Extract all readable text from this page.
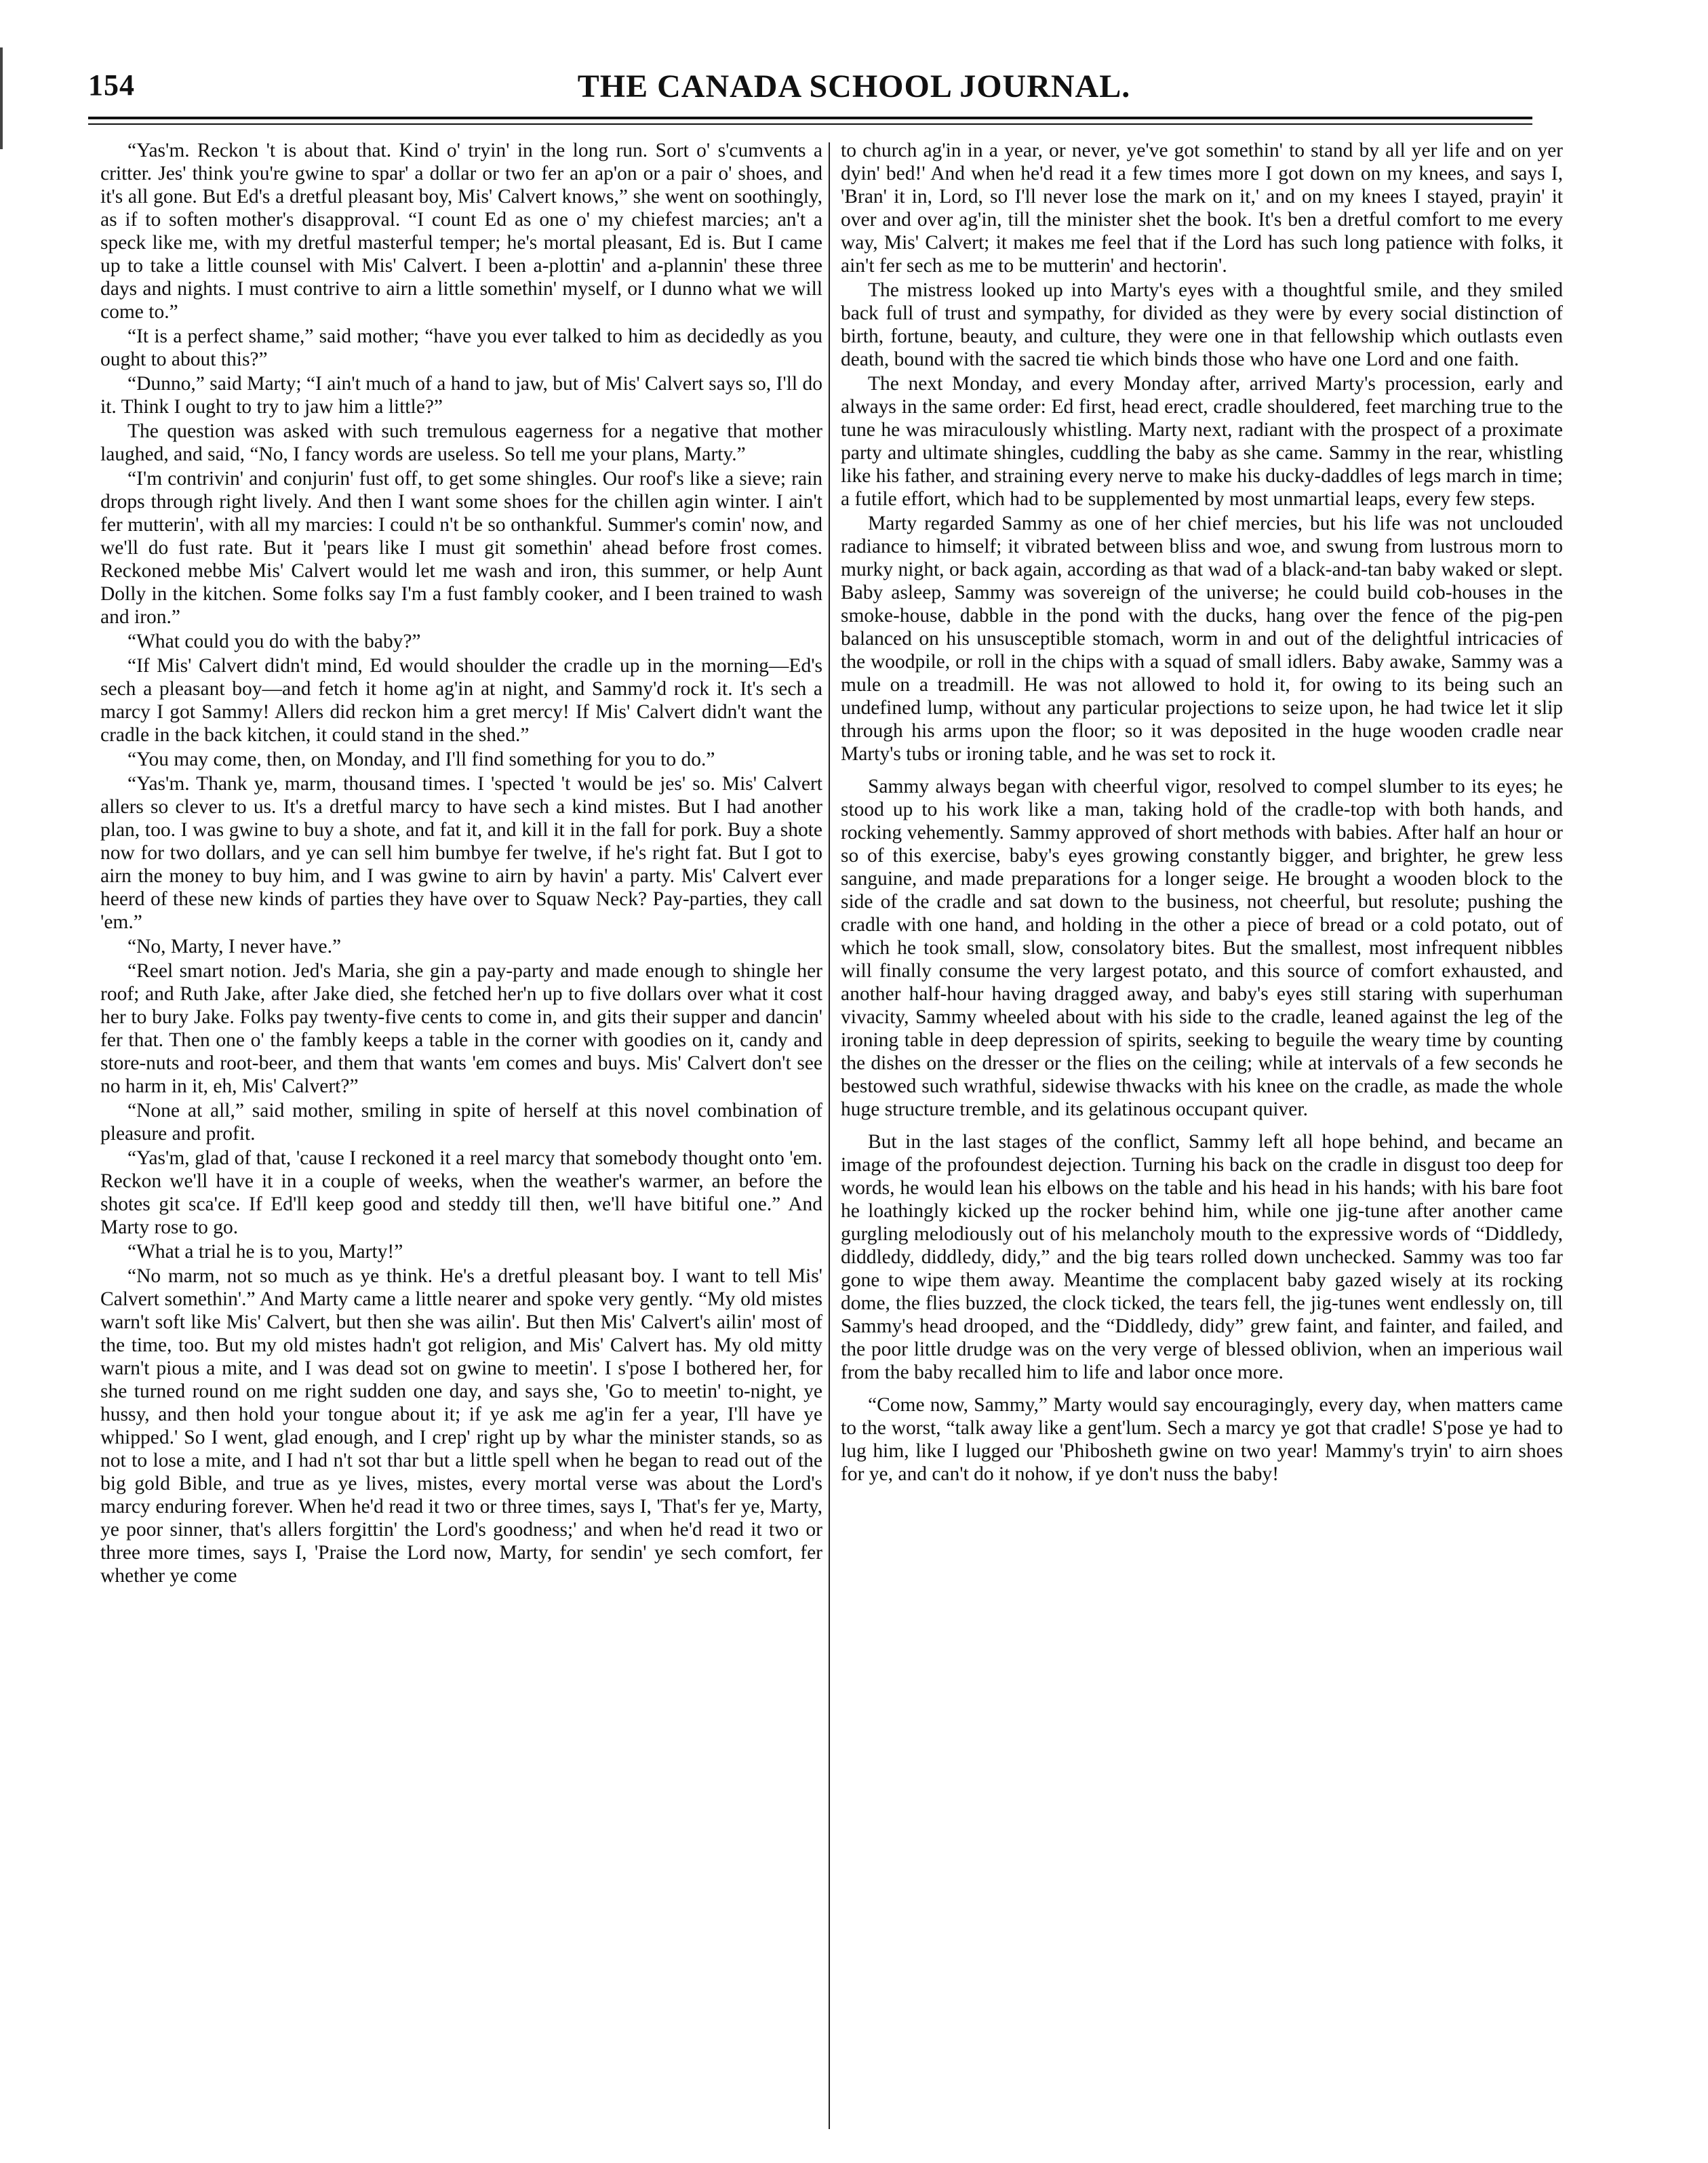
154	THE CANADA SCHOOL JOURNAL.

“Yas'm. Reckon 't is about that. Kind o' tryin' in the long run. Sort o' s'cumvents a critter. Jes' think you're gwine to spar' a dollar or two fer an ap'on or a pair o' shoes, and it's all gone. But Ed's a dretful pleasant boy, Mis' Calvert knows,” she went on soothingly, as if to soften mother's disapproval. “I count Ed as one o' my chiefest marcies; an't a speck like me, with my dretful masterful temper; he's mortal pleasant, Ed is. But I came up to take a little counsel with Mis' Calvert. I been a-plottin' and a-plannin' these three days and nights. I must contrive to airn a little somethin' myself, or I dunno what we will come to.”

“It is a perfect shame,” said mother; “have you ever talked to him as decidedly as you ought to about this?”

“Dunno,” said Marty; “I ain't much of a hand to jaw, but of Mis' Calvert says so, I'll do it. Think I ought to try to jaw him a little?”

The question was asked with such tremulous eagerness for a negative that mother laughed, and said, “No, I fancy words are useless. So tell me your plans, Marty.”

“I'm contrivin' and conjurin' fust off, to get some shingles. Our roof's like a sieve; rain drops through right lively. And then I want some shoes for the chillen agin winter. I ain't fer mutterin', with all my marcies: I could n't be so onthankful. Summer's comin' now, and we'll do fust rate. But it 'pears like I must git somethin' ahead before frost comes. Reckoned mebbe Mis' Calvert would let me wash and iron, this summer, or help Aunt Dolly in the kitchen. Some folks say I'm a fust fambly cooker, and I been trained to wash and iron.”

“What could you do with the baby?”

“If Mis' Calvert didn't mind, Ed would shoulder the cradle up in the morning—Ed's sech a pleasant boy—and fetch it home ag'in at night, and Sammy'd rock it. It's sech a marcy I got Sammy! Allers did reckon him a gret mercy! If Mis' Calvert didn't want the cradle in the back kitchen, it could stand in the shed.”

“You may come, then, on Monday, and I'll find something for you to do.”

“Yas'm. Thank ye, marm, thousand times. I 'spected 't would be jes' so. Mis' Calvert allers so clever to us. It's a dretful marcy to have sech a kind mistes. But I had another plan, too. I was gwine to buy a shote, and fat it, and kill it in the fall for pork. Buy a shote now for two dollars, and ye can sell him bumbye fer twelve, if he's right fat. But I got to airn the money to buy him, and I was gwine to airn by havin' a party. Mis' Calvert ever heerd of these new kinds of parties they have over to Squaw Neck? Pay-parties, they call 'em.”

“No, Marty, I never have.”

“Reel smart notion. Jed's Maria, she gin a pay-party and made enough to shingle her roof; and Ruth Jake, after Jake died, she fetched her'n up to five dollars over what it cost her to bury Jake. Folks pay twenty-five cents to come in, and gits their supper and dancin' fer that. Then one o' the fambly keeps a table in the corner with goodies on it, candy and store-nuts and root-beer, and them that wants 'em comes and buys. Mis' Calvert don't see no harm in it, eh, Mis' Calvert?”

“None at all,” said mother, smiling in spite of herself at this novel combination of pleasure and profit.

“Yas'm, glad of that, 'cause I reckoned it a reel marcy that somebody thought onto 'em. Reckon we'll have it in a couple of weeks, when the weather's warmer, an before the shotes git sca'ce. If Ed'll keep good and steddy till then, we'll have bitiful one.” And Marty rose to go.

“What a trial he is to you, Marty!”

“No marm, not so much as ye think. He's a dretful pleasant boy. I want to tell Mis' Calvert somethin'.” And Marty came a little nearer and spoke very gently. “My old mistes warn't soft like Mis' Calvert, but then she was ailin'. But then Mis' Calvert's ailin' most of the time, too. But my old mistes hadn't got religion, and Mis' Calvert has. My old mitty warn't pious a mite, and I was dead sot on gwine to meetin'. I s'pose I bothered her, for she turned round on me right sudden one day, and says she, 'Go to meetin' to-night, ye hussy, and then hold your tongue about it; if ye ask me ag'in fer a year, I'll have ye whipped.' So I went, glad enough, and I crep' right up by whar the minister stands, so as not to lose a mite, and I had n't sot thar but a little spell when he began to read out of the big gold Bible, and true as ye lives, mistes, every mortal verse was about the Lord's marcy enduring forever. When he'd read it two or three times, says I, 'That's fer ye, Marty, ye poor sinner, that's allers forgittin' the Lord's goodness;' and when he'd read it two or three more times, says I, 'Praise the Lord now, Marty, for sendin' ye sech comfort, fer whether ye come

to church ag'in in a year, or never, ye've got somethin' to stand by all yer life and on yer dyin' bed!' And when he'd read it a few times more I got down on my knees, and says I, 'Bran' it in, Lord, so I'll never lose the mark on it,' and on my knees I stayed, prayin' it over and over ag'in, till the minister shet the book. It's ben a dretful comfort to me every way, Mis' Calvert; it makes me feel that if the Lord has such long patience with folks, it ain't fer sech as me to be mutterin' and hectorin'.

The mistress looked up into Marty's eyes with a thoughtful smile, and they smiled back full of trust and sympathy, for divided as they were by every social distinction of birth, fortune, beauty, and culture, they were one in that fellowship which outlasts even death, bound with the sacred tie which binds those who have one Lord and one faith.

The next Monday, and every Monday after, arrived Marty's procession, early and always in the same order: Ed first, head erect, cradle shouldered, feet marching true to the tune he was miraculously whistling. Marty next, radiant with the prospect of a proximate party and ultimate shingles, cuddling the baby as she came. Sammy in the rear, whistling like his father, and straining every nerve to make his ducky-daddles of legs march in time; a futile effort, which had to be supplemented by most unmartial leaps, every few steps.

Marty regarded Sammy as one of her chief mercies, but his life was not unclouded radiance to himself; it vibrated between bliss and woe, and swung from lustrous morn to murky night, or back again, according as that wad of a black-and-tan baby waked or slept. Baby asleep, Sammy was sovereign of the universe; he could build cob-houses in the smoke-house, dabble in the pond with the ducks, hang over the fence of the pig-pen balanced on his unsusceptible stomach, worm in and out of the delightful intricacies of the woodpile, or roll in the chips with a squad of small idlers. Baby awake, Sammy was a mule on a treadmill. He was not allowed to hold it, for owing to its being such an undefined lump, without any particular projections to seize upon, he had twice let it slip through his arms upon the floor; so it was deposited in the huge wooden cradle near Marty's tubs or ironing table, and he was set to rock it.

Sammy always began with cheerful vigor, resolved to compel slumber to its eyes; he stood up to his work like a man, taking hold of the cradle-top with both hands, and rocking vehemently. Sammy approved of short methods with babies. After half an hour or so of this exercise, baby's eyes growing constantly bigger, and brighter, he grew less sanguine, and made preparations for a longer seige. He brought a wooden block to the side of the cradle and sat down to the business, not cheerful, but resolute; pushing the cradle with one hand, and holding in the other a piece of bread or a cold potato, out of which he took small, slow, consolatory bites. But the smallest, most infrequent nibbles will finally consume the very largest potato, and this source of comfort exhausted, and another half-hour having dragged away, and baby's eyes still staring with superhuman vivacity, Sammy wheeled about with his side to the cradle, leaned against the leg of the ironing table in deep depression of spirits, seeking to beguile the weary time by counting the dishes on the dresser or the flies on the ceiling; while at intervals of a few seconds he bestowed such wrathful, sidewise thwacks with his knee on the cradle, as made the whole huge structure tremble, and its gelatinous occupant quiver.

But in the last stages of the conflict, Sammy left all hope behind, and became an image of the profoundest dejection. Turning his back on the cradle in disgust too deep for words, he would lean his elbows on the table and his head in his hands; with his bare foot he loathingly kicked up the rocker behind him, while one jig-tune after another came gurgling melodiously out of his melancholy mouth to the expressive words of “Diddledy, diddledy, diddledy, didy,” and the big tears rolled down unchecked. Sammy was too far gone to wipe them away. Meantime the complacent baby gazed wisely at its rocking dome, the flies buzzed, the clock ticked, the tears fell, the jig-tunes went endlessly on, till Sammy's head drooped, and the “Diddledy, didy” grew faint, and fainter, and failed, and the poor little drudge was on the very verge of blessed oblivion, when an imperious wail from the baby recalled him to life and labor once more.

“Come now, Sammy,” Marty would say encouragingly, every day, when matters came to the worst, “talk away like a gent'lum. Sech a marcy ye got that cradle! S'pose ye had to lug him, like I lugged our 'Phibosheth gwine on two year! Mammy's tryin' to airn shoes for ye, and can't do it nohow, if ye don't nuss the baby!
